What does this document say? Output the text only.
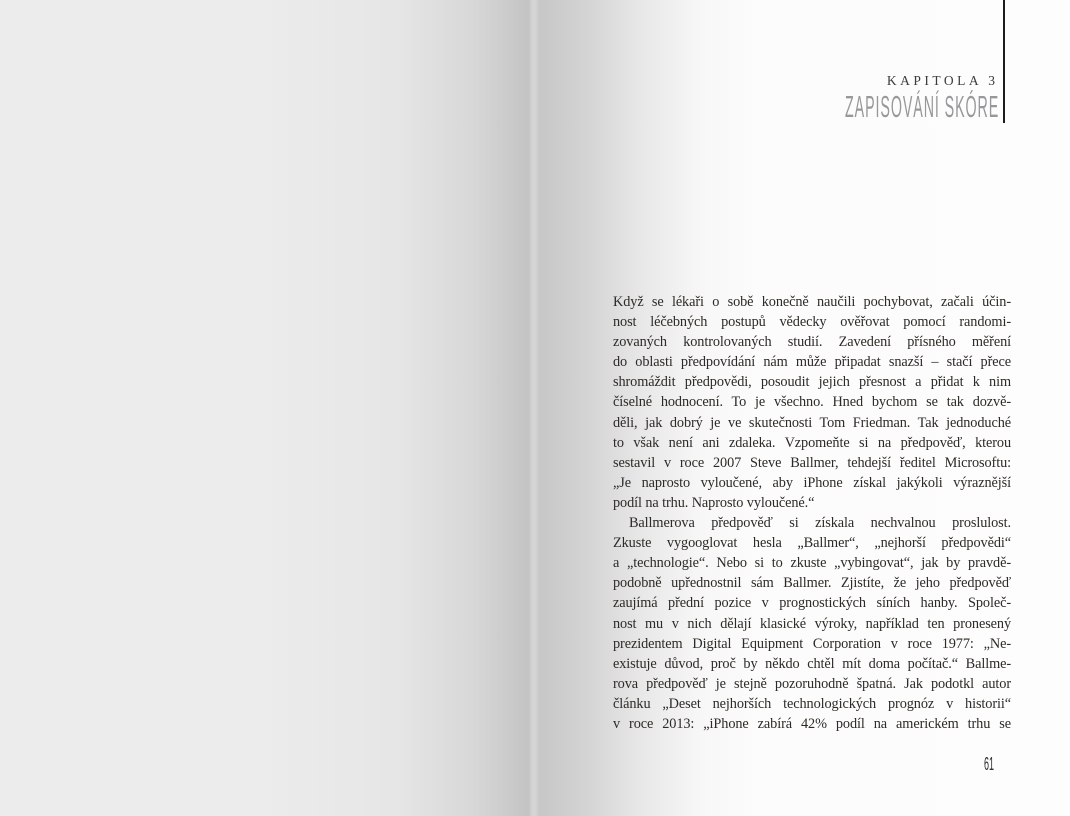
KAPITOLA 3
ZAPISOVÁNÍ SKÓRE
Když se lékaři o sobě konečně naučili pochybovat, začali účin-
nost léčebných postupů vědecky ověřovat pomocí randomi-
zovaných kontrolovaných studií. Zavedení přísného měření
do oblasti předpovídání nám může připadat snazší – stačí přece
shromáždit předpovědi, posoudit jejich přesnost a přidat k nim
číselné hodnocení. To je všechno. Hned bychom se tak dozvě-
děli, jak dobrý je ve skutečnosti Tom Friedman. Tak jednoduché
to však není ani zdaleka. Vzpomeňte si na předpověď, kterou
sestavil v roce 2007 Steve Ballmer, tehdejší ředitel Microsoftu:
„Je naprosto vyloučené, aby iPhone získal jakýkoli výraznější
podíl na trhu. Naprosto vyloučené.“
Ballmerova předpověď si získala nechvalnou proslulost.
Zkuste vygooglovat hesla „Ballmer“, „nejhorší předpovědi“
a „technologie“. Nebo si to zkuste „vybingovat“, jak by pravdě-
podobně upřednostnil sám Ballmer. Zjistíte, že jeho předpověď
zaujímá přední pozice v prognostických síních hanby. Společ-
nost mu v nich dělají klasické výroky, například ten pronesený
prezidentem Digital Equipment Corporation v roce 1977: „Ne-
existuje důvod, proč by někdo chtěl mít doma počítač.“ Ballme-
rova předpověď je stejně pozoruhodně špatná. Jak podotkl autor
článku „Deset nejhorších technologických prognóz v historii“
v roce 2013: „iPhone zabírá 42% podíl na americkém trhu se
61
